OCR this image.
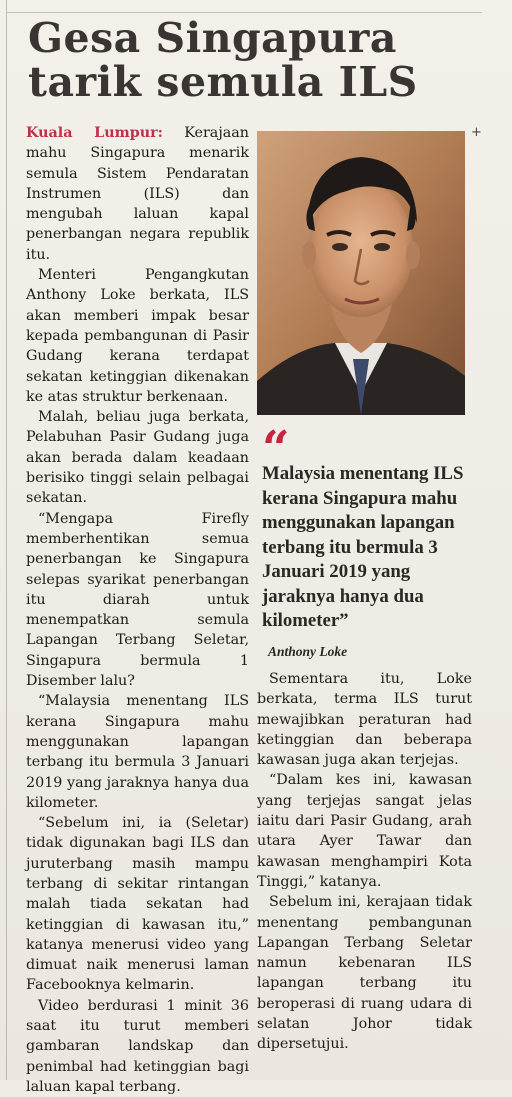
Gesa Singapura
tarik semula ILS

Kuala Lumpur: Kerajaan mahu Singapura menarik semula Sistem Pendaratan Instrumen (ILS) dan mengubah laluan kapal penerbangan negara republik itu.

Menteri Pengangkutan Anthony Loke berkata, ILS akan memberi impak besar kepada pembangunan di Pasir Gudang kerana terdapat sekatan ketinggian dikenakan ke atas struktur berkenaan.

Malah, beliau juga berkata, Pelabuhan Pasir Gudang juga akan berada dalam keadaan berisiko tinggi selain pelbagai sekatan.

“Mengapa Firefly memberhentikan semua penerbangan ke Singapura selepas syarikat penerbangan itu diarah untuk menempatkan semula Lapangan Terbang Seletar, Singapura bermula 1 Disember lalu?

“Malaysia menentang ILS kerana Singapura mahu menggunakan lapangan terbang itu bermula 3 Januari 2019 yang jaraknya hanya dua kilometer.

“Sebelum ini, ia (Seletar) tidak digunakan bagi ILS dan juruterbang masih mampu terbang di sekitar rintangan malah tiada sekatan had ketinggian di kawasan itu,” katanya menerusi video yang dimuat naik menerusi laman Facebooknya kelmarin.

Video berdurasi 1 minit 36 saat itu turut memberi gambaran landskap dan penimbal had ketinggian bagi laluan kapal terbang.

+
“
Malaysia menentang ILS kerana Singapura mahu menggunakan lapangan terbang itu bermula 3 Januari 2019 yang jaraknya hanya dua kilometer”
Anthony Loke

Sementara itu, Loke berkata, terma ILS turut mewajibkan peraturan had ketinggian dan beberapa kawasan juga akan terjejas.

“Dalam kes ini, kawasan yang terjejas sangat jelas iaitu dari Pasir Gudang, arah utara Ayer Tawar dan kawasan menghampiri Kota Tinggi,” katanya.

Sebelum ini, kerajaan tidak menentang pembangunan Lapangan Terbang Seletar namun kebenaran ILS lapangan terbang itu beroperasi di ruang udara di selatan Johor tidak dipersetujui.
